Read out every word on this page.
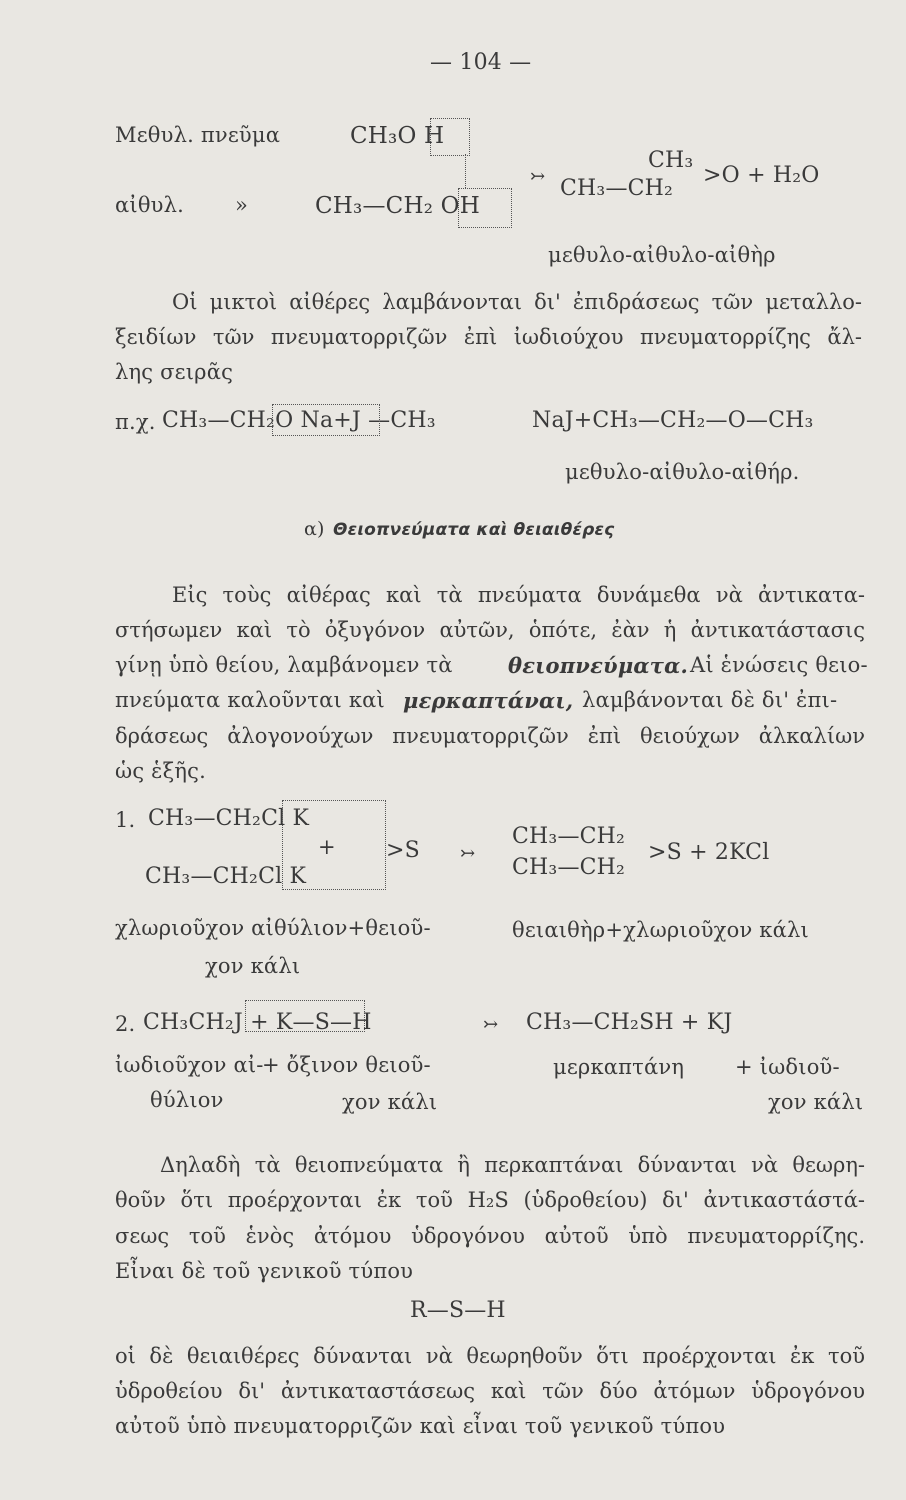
— 104 —
Μεθυλ. πνεῦμα	CH₃O H
αἰθυλ. »	CH₃—CH₂ OH
↣
CH₃
CH₃—CH₂
>O + H₂O
μεθυλο-αἰθυλο-αἰθὴρ
Οἱ μικτοὶ αἰθέρες λαμβάνονται δι' ἐπιδράσεως τῶν μεταλλο-
ξειδίων τῶν πνευματορριζῶν ἐπὶ ἰωδιούχου πνευματορρίζης ἄλ-
λης σειρᾶς
π.χ. CH₃—CH₂O Na+J —CH₃	NaJ+CH₃—CH₂—O—CH₃
μεθυλο-αἰθυλο-αἰθήρ.
α) Θειοπνεύματα καὶ θειαιθέρες
Εἰς τοὺς αἰθέρας καὶ τὰ πνεύματα δυνάμεθα νὰ ἀντικατα-
στήσωμεν καὶ τὸ ὀξυγόνον αὐτῶν, ὁπότε, ἐὰν ἡ ἀντικατάστασις
γίνῃ ὑπὸ θείου, λαμβάνομεν τὰ	θειοπνεύματα. Αἱ ἑνώσεις θειο-
πνεύματα καλοῦνται καὶ μερκαπτάναι, λαμβάνονται δὲ δι' ἐπι-
δράσεως ἀλογονούχων πνευματορριζῶν ἐπὶ θειούχων ἀλκαλίων
ὡς ἑξῆς.
1. CH₃—CH₂Cl K
+ >S ↣
CH₃—CH₂Cl K
CH₃—CH₂
CH₃—CH₂
>S + 2KCl
χλωριοῦχον αἰθύλιον+θειοῦ-
χον κάλι
θειαιθὴρ+χλωριοῦχον κάλι
2. CH₃CH₂J + K—S—H	↣ CH₃—CH₂SH + KJ
ἰωδιοῦχον αἰ-
+ ὄξινον θειοῦ-	μερκαπτάνη + ἰωδιοῦ-
θύλιον	χον κάλι	χον κάλι
Δηλαδὴ τὰ θειοπνεύματα ἢ περκαπτάναι δύνανται νὰ θεωρη-
θοῦν ὅτι προέρχονται ἐκ τοῦ H₂S (ὑδροθείου) δι' ἀντικαστάστά-
σεως τοῦ ἑνὸς ἀτόμου ὑδρογόνου αὐτοῦ ὑπὸ πνευματορρίζης.
Εἶναι δὲ τοῦ γενικοῦ τύπου
R—S—H
οἱ δὲ θειαιθέρες δύνανται νὰ θεωρηθοῦν ὅτι προέρχονται ἐκ τοῦ
ὑδροθείου δι' ἀντικαταστάσεως καὶ τῶν δύο ἀτόμων ὑδρογόνου
αὐτοῦ ὑπὸ πνευματορριζῶν καὶ εἶναι τοῦ γενικοῦ τύπου
